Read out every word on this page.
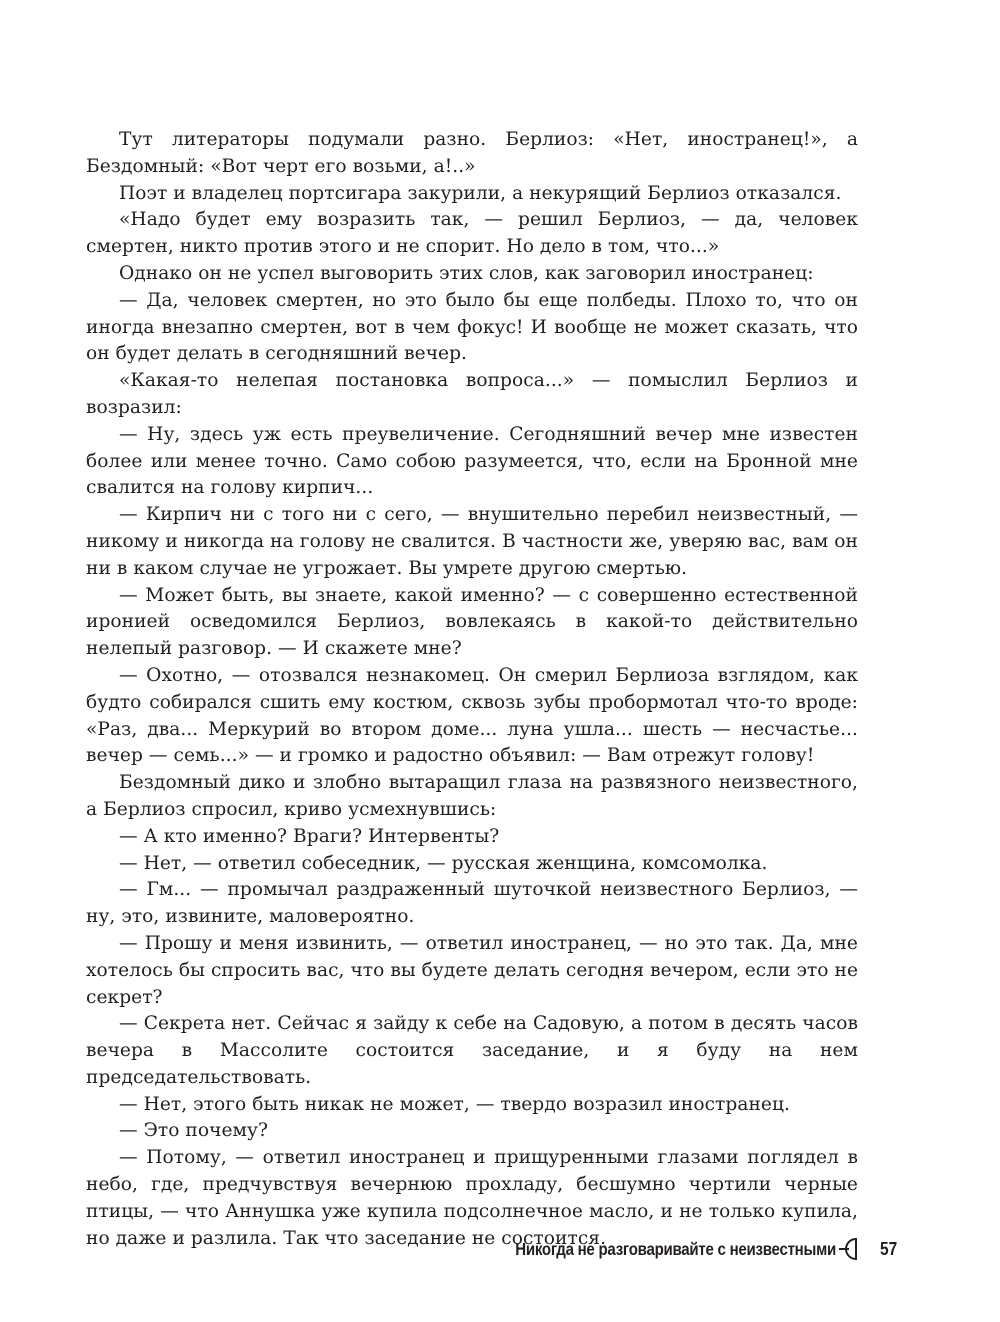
Тут литераторы подумали разно. Берлиоз: «Нет, иностранец!», а Бездомный: «Вот черт его возьми, а!..»

Поэт и владелец портсигара закурили, а некурящий Берлиоз отказался.

«Надо будет ему возразить так, — решил Берлиоз, — да, человек смертен, никто против этого и не спорит. Но дело в том, что...»

Однако он не успел выговорить этих слов, как заговорил иностранец:

— Да, человек смертен, но это было бы еще полбеды. Плохо то, что он иногда внезапно смертен, вот в чем фокус! И вообще не может сказать, что он будет делать в сегодняшний вечер.

«Какая-то нелепая постановка вопроса...» — помыслил Берлиоз и возразил:

— Ну, здесь уж есть преувеличение. Сегодняшний вечер мне известен более или менее точно. Само собою разумеется, что, если на Бронной мне свалится на голову кирпич...

— Кирпич ни с того ни с сего, — внушительно перебил неизвестный, — никому и никогда на голову не свалится. В частности же, уверяю вас, вам он ни в каком случае не угрожает. Вы умрете другою смертью.

— Может быть, вы знаете, какой именно? — с совершенно естественной иронией осведомился Берлиоз, вовлекаясь в какой-то действительно нелепый разговор. — И скажете мне?

— Охотно, — отозвался незнакомец. Он смерил Берлиоза взглядом, как будто собирался сшить ему костюм, сквозь зубы пробормотал что-то вроде: «Раз, два... Меркурий во втором доме... луна ушла... шесть — несчастье... вечер — семь...» — и громко и радостно объявил: — Вам отрежут голову!

Бездомный дико и злобно вытаращил глаза на развязного неизвестного, а Берлиоз спросил, криво усмехнувшись:

— А кто именно? Враги? Интервенты?

— Нет, — ответил собеседник, — русская женщина, комсомолка.

— Гм... — промычал раздраженный шуточкой неизвестного Берлиоз, — ну, это, извините, маловероятно.

— Прошу и меня извинить, — ответил иностранец, — но это так. Да, мне хотелось бы спросить вас, что вы будете делать сегодня вечером, если это не секрет?

— Секрета нет. Сейчас я зайду к себе на Садовую, а потом в десять часов вечера в Массолите состоится заседание, и я буду на нем председательствовать.

— Нет, этого быть никак не может, — твердо возразил иностранец.

— Это почему?

— Потому, — ответил иностранец и прищуренными глазами поглядел в небо, где, предчувствуя вечернюю прохладу, бесшумно чертили черные птицы, — что Аннушка уже купила подсолнечное масло, и не только купила, но даже и разлила. Так что заседание не состоится.

Никогда не разговаривайте с неизвестными 57
